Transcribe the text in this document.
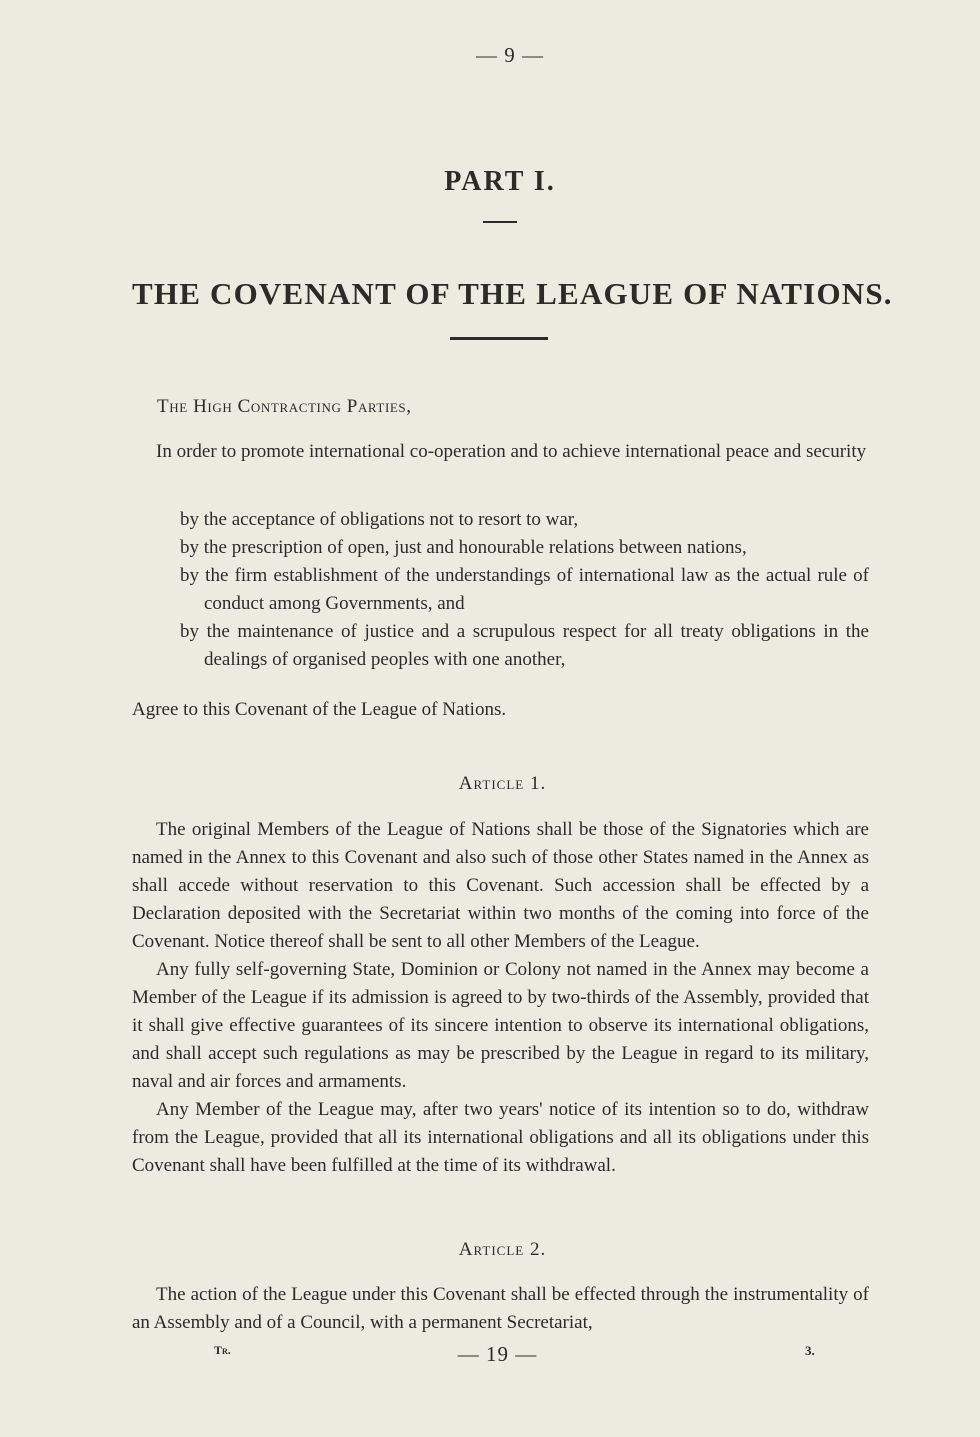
— 9 —
PART I.
THE COVENANT OF THE LEAGUE OF NATIONS.
The High Contracting Parties,
In order to promote international co-operation and to achieve international peace and security
by the acceptance of obligations not to resort to war,
by the prescription of open, just and honourable relations between nations,
by the firm establishment of the understandings of international law as the actual rule of conduct among Governments, and
by the maintenance of justice and a scrupulous respect for all treaty obligations in the dealings of organised peoples with one another,
Agree to this Covenant of the League of Nations.
Article 1.
The original Members of the League of Nations shall be those of the Signatories which are named in the Annex to this Covenant and also such of those other States named in the Annex as shall accede without reservation to this Covenant. Such accession shall be effected by a Declaration deposited with the Secretariat within two months of the coming into force of the Covenant. Notice thereof shall be sent to all other Members of the League.
Any fully self-governing State, Dominion or Colony not named in the Annex may become a Member of the League if its admission is agreed to by two-thirds of the Assembly, provided that it shall give effective guarantees of its sincere intention to observe its international obligations, and shall accept such regulations as may be prescribed by the League in regard to its military, naval and air forces and armaments.
Any Member of the League may, after two years' notice of its intention so to do, withdraw from the League, provided that all its international obligations and all its obligations under this Covenant shall have been fulfilled at the time of its withdrawal.
Article 2.
The action of the League under this Covenant shall be effected through the instrumentality of an Assembly and of a Council, with a permanent Secretariat,
Tr.	— 19 —	3.
